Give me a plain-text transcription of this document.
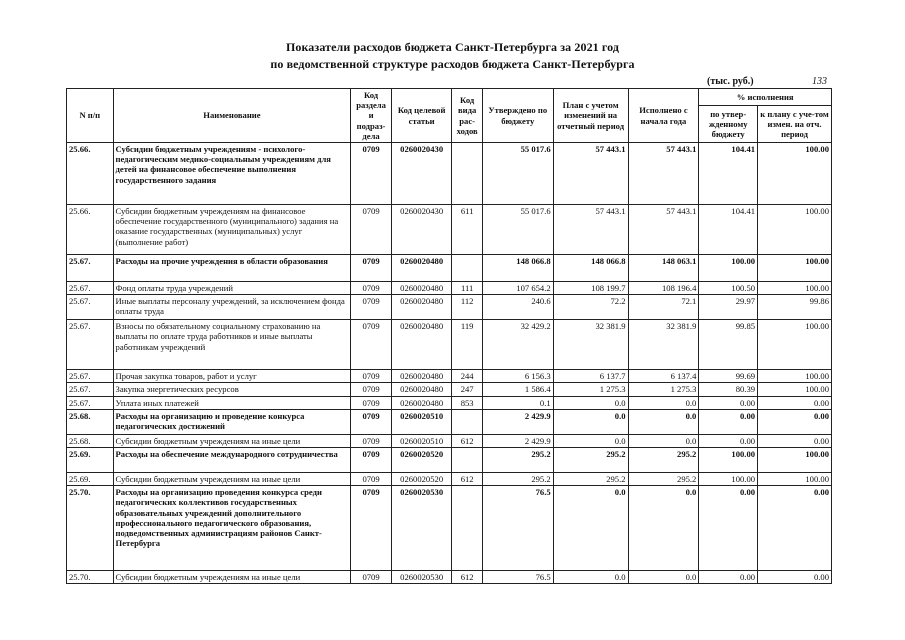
Показатели расходов бюджета Санкт-Петербурга за 2021 год
по ведомственной структуре расходов бюджета Санкт-Петербурга
(тыс. руб.)	133
N п/п	Наименование	Код раздела и подраз-дела	Код целевой статьи	Код вида рас-ходов	Утверждено по бюджету	План с учетом изменений на отчетный период	Исполнено с начала года	% исполнения	
								по утвер-жденному бюджету	к плану с уче-том измен. на отч. период
25.66.	Субсидии бюджетным учреждениям - психолого-педагогическим медико-социальным учреждениям для детей на финансовое обеспечение выполнения государственного задания	0709	0260020430		55 017.6	57 443.1	57 443.1	104.41	100.00
25.66.	Субсидии бюджетным учреждениям на финансовое обеспечение государственного (муниципального) задания на оказание государственных (муниципальных) услуг (выполнение работ)	0709	0260020430	611	55 017.6	57 443.1	57 443.1	104.41	100.00
25.67.	Расходы на прочие учреждения в области образования	0709	0260020480		148 066.8	148 066.8	148 063.1	100.00	100.00
25.67.	Фонд оплаты труда учреждений	0709	0260020480	111	107 654.2	108 199.7	108 196.4	100.50	100.00
25.67.	Иные выплаты персоналу учреждений, за исключением фонда оплаты труда	0709	0260020480	112	240.6	72.2	72.1	29.97	99.86
25.67.	Взносы по обязательному социальному страхованию на выплаты по оплате труда работников и иные выплаты работникам учреждений	0709	0260020480	119	32 429.2	32 381.9	32 381.9	99.85	100.00
25.67.	Прочая закупка товаров, работ и услуг	0709	0260020480	244	6 156.3	6 137.7	6 137.4	99.69	100.00
25.67.	Закупка энергетических ресурсов	0709	0260020480	247	1 586.4	1 275.3	1 275.3	80.39	100.00
25.67.	Уплата иных платежей	0709	0260020480	853	0.1	0.0	0.0	0.00	0.00
25.68.	Расходы на организацию и проведение конкурса педагогических достижений	0709	0260020510		2 429.9	0.0	0.0	0.00	0.00
25.68.	Субсидии бюджетным учреждениям на иные цели	0709	0260020510	612	2 429.9	0.0	0.0	0.00	0.00
25.69.	Расходы на обеспечение международного сотрудничества	0709	0260020520		295.2	295.2	295.2	100.00	100.00
25.69.	Субсидии бюджетным учреждениям на иные цели	0709	0260020520	612	295.2	295.2	295.2	100.00	100.00
25.70.	Расходы на организацию проведения конкурса среди педагогических коллективов государственных образовательных учреждений дополнительного профессионального педагогического образования, подведомственных администрациям районов Санкт-Петербурга	0709	0260020530		76.5	0.0	0.0	0.00	0.00
25.70.	Субсидии бюджетным учреждениям на иные цели	0709	0260020530	612	76.5	0.0	0.0	0.00	0.00
